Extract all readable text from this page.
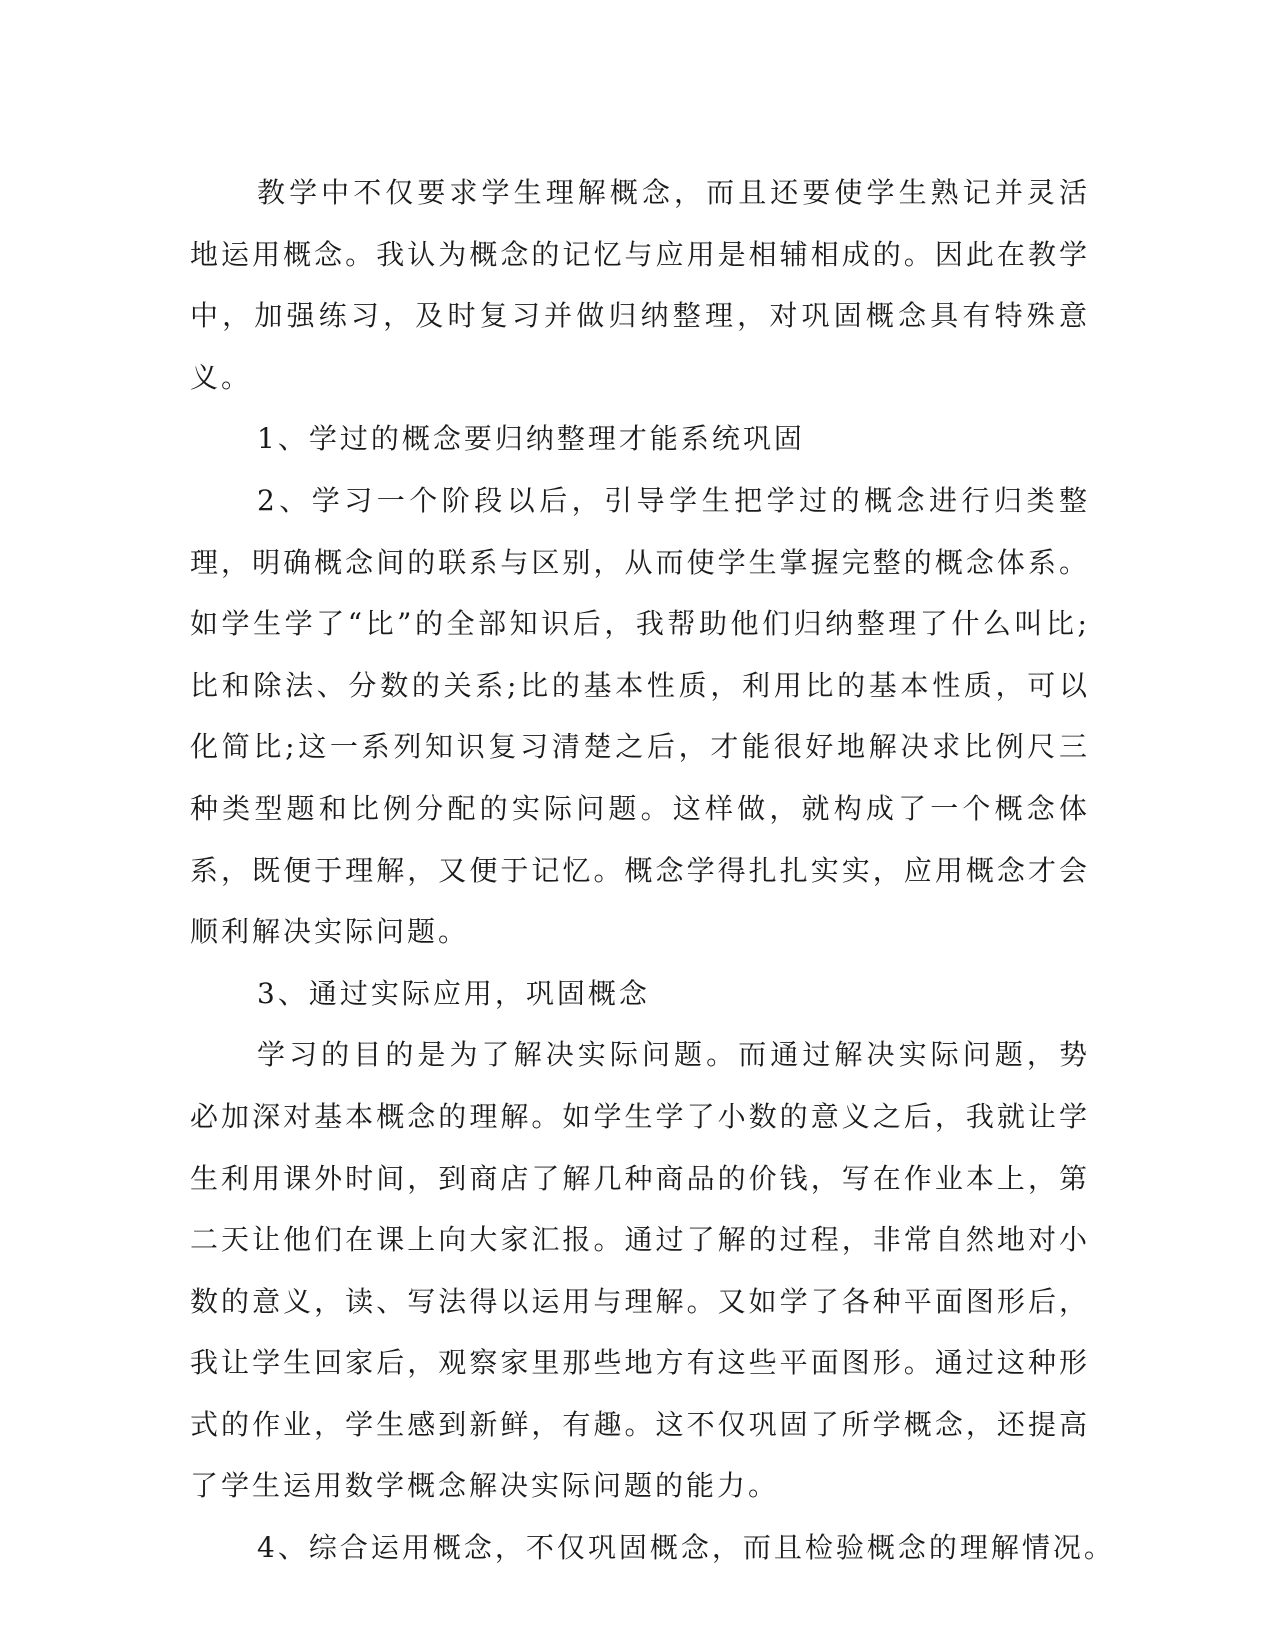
教学中不仅要求学生理解概念，而且还要使学生熟记并灵活地运用概念。我认为概念的记忆与应用是相辅相成的。因此在教学中，加强练习，及时复习并做归纳整理，对巩固概念具有特殊意义。

1、学过的概念要归纳整理才能系统巩固

2、学习一个阶段以后，引导学生把学过的概念进行归类整理，明确概念间的联系与区别，从而使学生掌握完整的概念体系。如学生学了“比”的全部知识后，我帮助他们归纳整理了什么叫比;比和除法、分数的关系;比的基本性质，利用比的基本性质，可以化简比;这一系列知识复习清楚之后，才能很好地解决求比例尺三种类型题和比例分配的实际问题。这样做，就构成了一个概念体系，既便于理解，又便于记忆。概念学得扎扎实实，应用概念才会顺利解决实际问题。

3、通过实际应用，巩固概念

学习的目的是为了解决实际问题。而通过解决实际问题，势必加深对基本概念的理解。如学生学了小数的意义之后，我就让学生利用课外时间，到商店了解几种商品的价钱，写在作业本上，第二天让他们在课上向大家汇报。通过了解的过程，非常自然地对小数的意义，读、写法得以运用与理解。又如学了各种平面图形后，我让学生回家后，观察家里那些地方有这些平面图形。通过这种形式的作业，学生感到新鲜，有趣。这不仅巩固了所学概念，还提高了学生运用数学概念解决实际问题的能力。

4、综合运用概念，不仅巩固概念，而且检验概念的理解情况。
